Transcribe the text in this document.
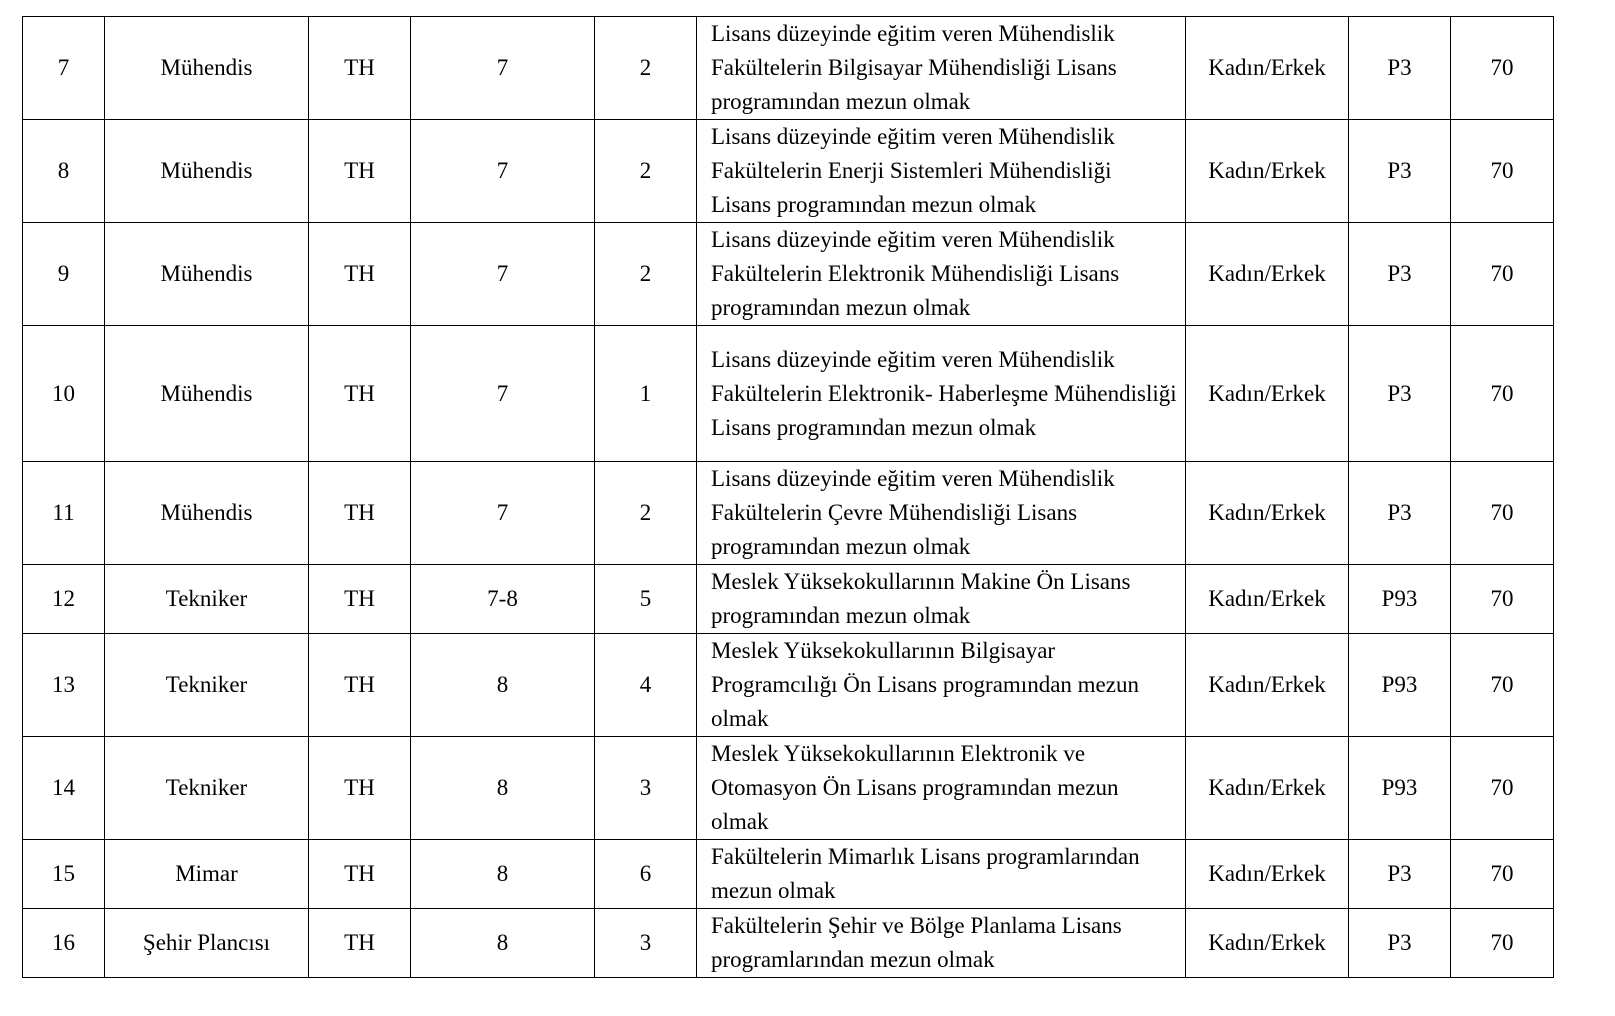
7	Mühendis	TH	7	2	Lisans düzeyinde eğitim veren Mühendislik Fakültelerin Bilgisayar Mühendisliği Lisans programından mezun olmak	Kadın/Erkek	P3	70
8	Mühendis	TH	7	2	Lisans düzeyinde eğitim veren Mühendislik Fakültelerin Enerji Sistemleri Mühendisliği Lisans programından mezun olmak	Kadın/Erkek	P3	70
9	Mühendis	TH	7	2	Lisans düzeyinde eğitim veren Mühendislik Fakültelerin Elektronik Mühendisliği Lisans programından mezun olmak	Kadın/Erkek	P3	70
10	Mühendis	TH	7	1	Lisans düzeyinde eğitim veren Mühendislik Fakültelerin Elektronik- Haberleşme Mühendisliği Lisans programından mezun olmak	Kadın/Erkek	P3	70
11	Mühendis	TH	7	2	Lisans düzeyinde eğitim veren Mühendislik Fakültelerin Çevre Mühendisliği Lisans programından mezun olmak	Kadın/Erkek	P3	70
12	Tekniker	TH	7-8	5	Meslek Yüksekokullarının Makine Ön Lisans programından mezun olmak	Kadın/Erkek	P93	70
13	Tekniker	TH	8	4	Meslek Yüksekokullarının Bilgisayar Programcılığı Ön Lisans programından mezun olmak	Kadın/Erkek	P93	70
14	Tekniker	TH	8	3	Meslek Yüksekokullarının Elektronik ve Otomasyon Ön Lisans programından mezun olmak	Kadın/Erkek	P93	70
15	Mimar	TH	8	6	Fakültelerin Mimarlık Lisans programlarından mezun olmak	Kadın/Erkek	P3	70
16	Şehir Plancısı	TH	8	3	Fakültelerin Şehir ve Bölge Planlama Lisans programlarından mezun olmak	Kadın/Erkek	P3	70
